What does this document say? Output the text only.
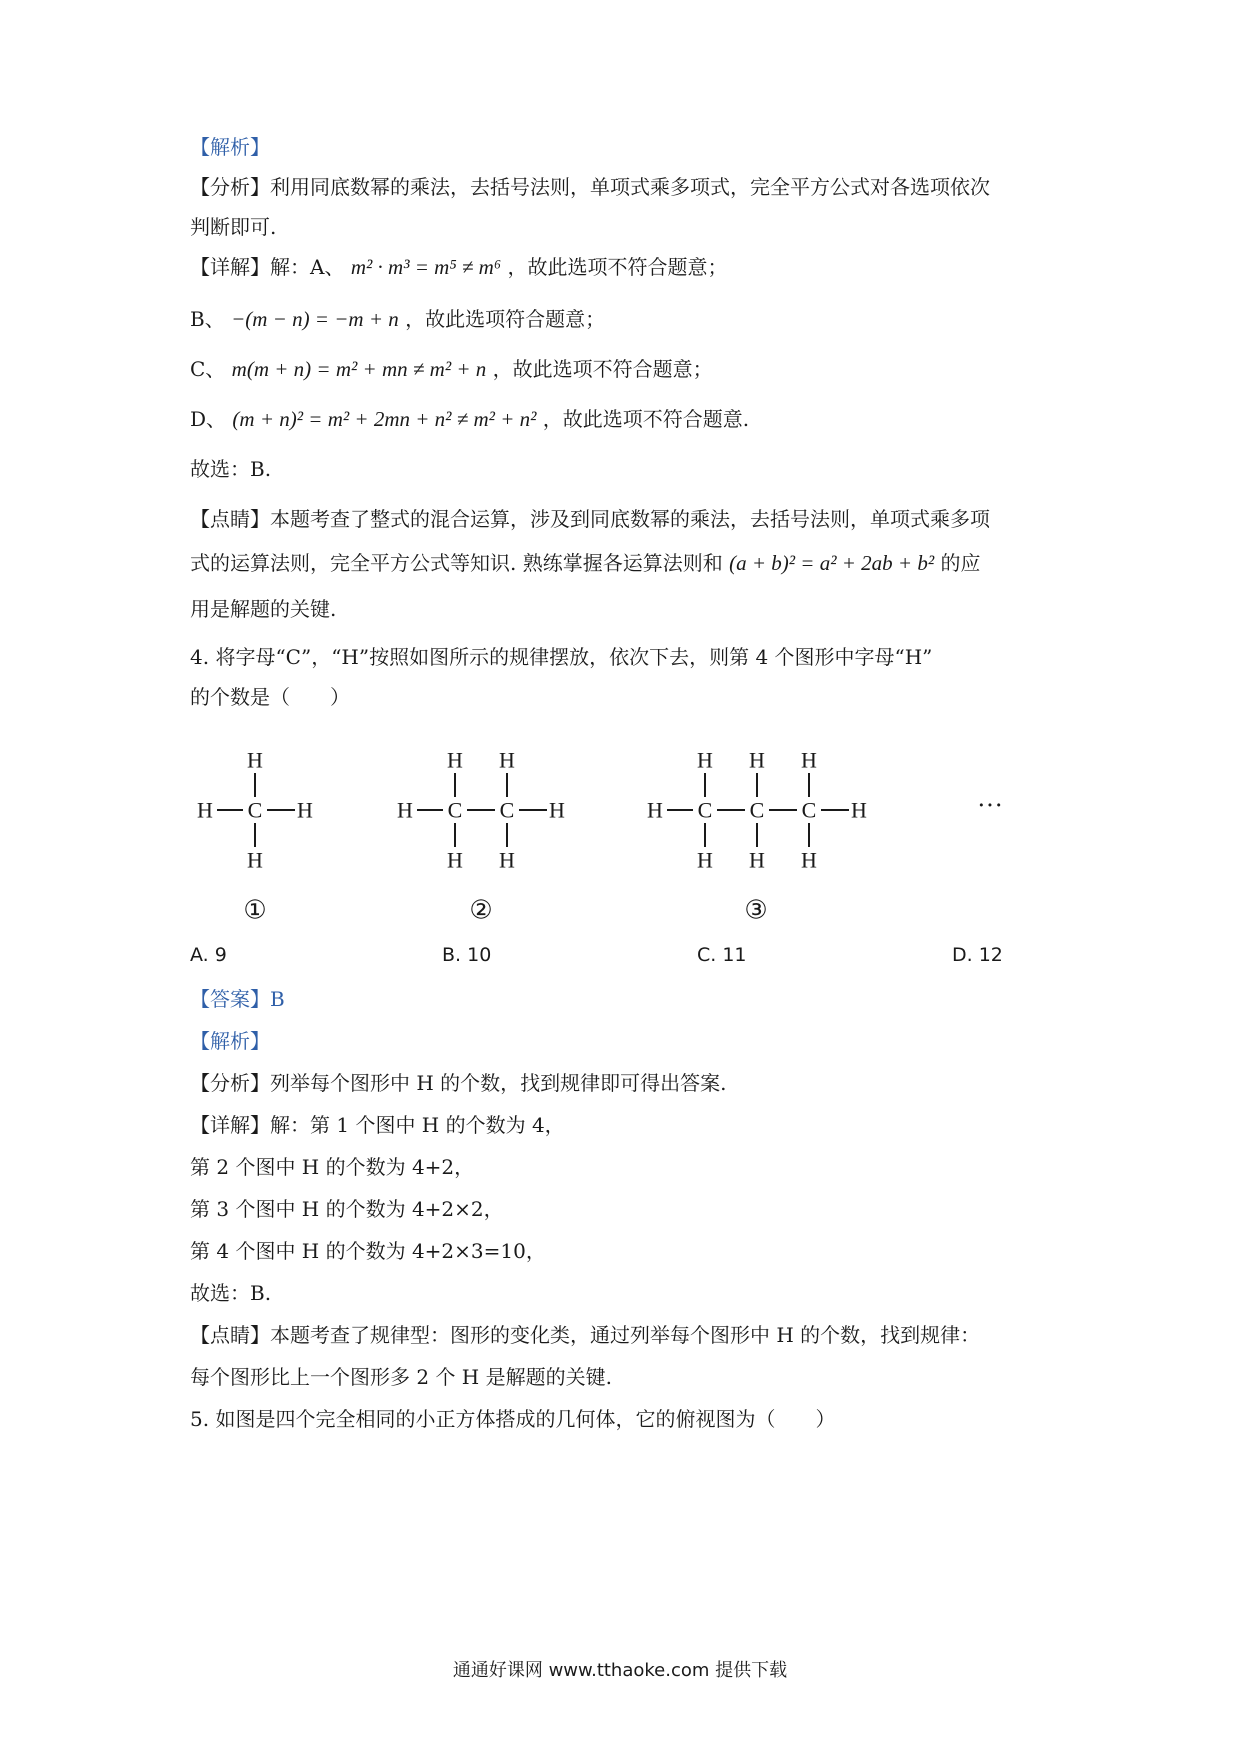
【解析】
【分析】利用同底数幂的乘法，去括号法则，单项式乘多项式，完全平方公式对各选项依次
判断即可.
【详解】解：A、 m² · m³ = m⁵ ≠ m⁶ ，故此选项不符合题意；
B、 −(m − n) = −m + n ，故此选项符合题意；
C、 m(m + n) = m² + mn ≠ m² + n ，故此选项不符合题意；
D、 (m + n)² = m² + 2mn + n² ≠ m² + n² ，故此选项不符合题意.
故选：B.
【点睛】本题考查了整式的混合运算，涉及到同底数幂的乘法，去括号法则，单项式乘多项
式的运算法则，完全平方公式等知识. 熟练掌握各运算法则和 (a + b)² = a² + 2ab + b² 的应
用是解题的关键.
4. 将字母“C”，“H”按照如图所示的规律摆放，依次下去，则第 4 个图形中字母“H”
的个数是（　　）
H C
H
H
H
①
H C
H
H
C
H
H
H
②
H C
H
H
C
H
H
C
H
H
H
③
···
A. 9	B. 10	C. 11	D. 12
【答案】B
【解析】
【分析】列举每个图形中 H 的个数，找到规律即可得出答案.
【详解】解：第 1 个图中 H 的个数为 4，
第 2 个图中 H 的个数为 4+2，
第 3 个图中 H 的个数为 4+2×2，
第 4 个图中 H 的个数为 4+2×3=10，
故选：B.
【点睛】本题考查了规律型：图形的变化类，通过列举每个图形中 H 的个数，找到规律：
每个图形比上一个图形多 2 个 H 是解题的关键.
5. 如图是四个完全相同的小正方体搭成的几何体，它的俯视图为（　　）
通通好课网 www.tthaoke.com 提供下载
